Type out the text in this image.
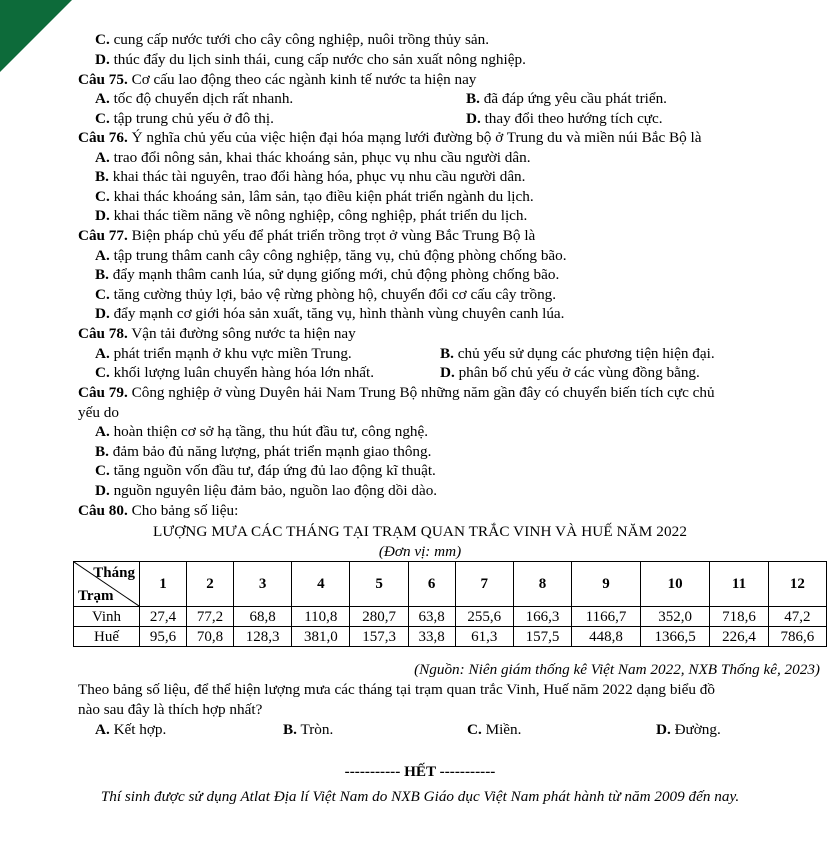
C. cung cấp nước tưới cho cây công nghiệp, nuôi trồng thủy sản.
D. thúc đẩy du lịch sinh thái, cung cấp nước cho sản xuất nông nghiệp.
Câu 75. Cơ cấu lao động theo các ngành kinh tế nước ta hiện nay
A. tốc độ chuyển dịch rất nhanh.	B. đã đáp ứng yêu cầu phát triển.
C. tập trung chủ yếu ở đô thị.	D. thay đổi theo hướng tích cực.
Câu 76. Ý nghĩa chủ yếu của việc hiện đại hóa mạng lưới đường bộ ở Trung du và miền núi Bắc Bộ là
A. trao đổi nông sản, khai thác khoáng sản, phục vụ nhu cầu người dân.
B. khai thác tài nguyên, trao đổi hàng hóa, phục vụ nhu cầu người dân.
C. khai thác khoáng sản, lâm sản, tạo điều kiện phát triển ngành du lịch.
D. khai thác tiềm năng về nông nghiệp, công nghiệp, phát triển du lịch.
Câu 77. Biện pháp chủ yếu để phát triển trồng trọt ở vùng Bắc Trung Bộ là
A. tập trung thâm canh cây công nghiệp, tăng vụ, chủ động phòng chống bão.
B. đẩy mạnh thâm canh lúa, sử dụng giống mới, chủ động phòng chống bão.
C. tăng cường thủy lợi, bảo vệ rừng phòng hộ, chuyển đổi cơ cấu cây trồng.
D. đẩy mạnh cơ giới hóa sản xuất, tăng vụ, hình thành vùng chuyên canh lúa.
Câu 78. Vận tải đường sông nước ta hiện nay
A. phát triển mạnh ở khu vực miền Trung.	B. chủ yếu sử dụng các phương tiện hiện đại.
C. khối lượng luân chuyển hàng hóa lớn nhất.	D. phân bố chủ yếu ở các vùng đồng bằng.
Câu 79. Công nghiệp ở vùng Duyên hải Nam Trung Bộ những năm gần đây có chuyển biến tích cực chủ
yếu do
A. hoàn thiện cơ sở hạ tầng, thu hút đầu tư, công nghệ.
B. đảm bảo đủ năng lượng, phát triển mạnh giao thông.
C. tăng nguồn vốn đầu tư, đáp ứng đủ lao động kĩ thuật.
D. nguồn nguyên liệu đảm bảo, nguồn lao động dồi dào.
Câu 80. Cho bảng số liệu:
LƯỢNG MƯA CÁC THÁNG TẠI TRẠM QUAN TRẮC VINH VÀ HUẾ NĂM 2022
(Đơn vị: mm)
Tháng
Trạm	1	2	3	4	5	6	7	8	9	10	11	12
Vinh	27,4	77,2	68,8	110,8	280,7	63,8	255,6	166,3	1166,7	352,0	718,6	47,2
Huế	95,6	70,8	128,3	381,0	157,3	33,8	61,3	157,5	448,8	1366,5	226,4	786,6
(Nguồn: Niên giám thống kê Việt Nam 2022, NXB Thống kê, 2023)
Theo bảng số liệu, để thể hiện lượng mưa các tháng tại trạm quan trắc Vinh, Huế năm 2022 dạng biểu đồ
nào sau đây là thích hợp nhất?
A. Kết hợp.	B. Tròn.	C. Miền.	D. Đường.
----------- HẾT -----------
Thí sinh được sử dụng Atlat Địa lí Việt Nam do NXB Giáo dục Việt Nam phát hành từ năm 2009 đến nay.
